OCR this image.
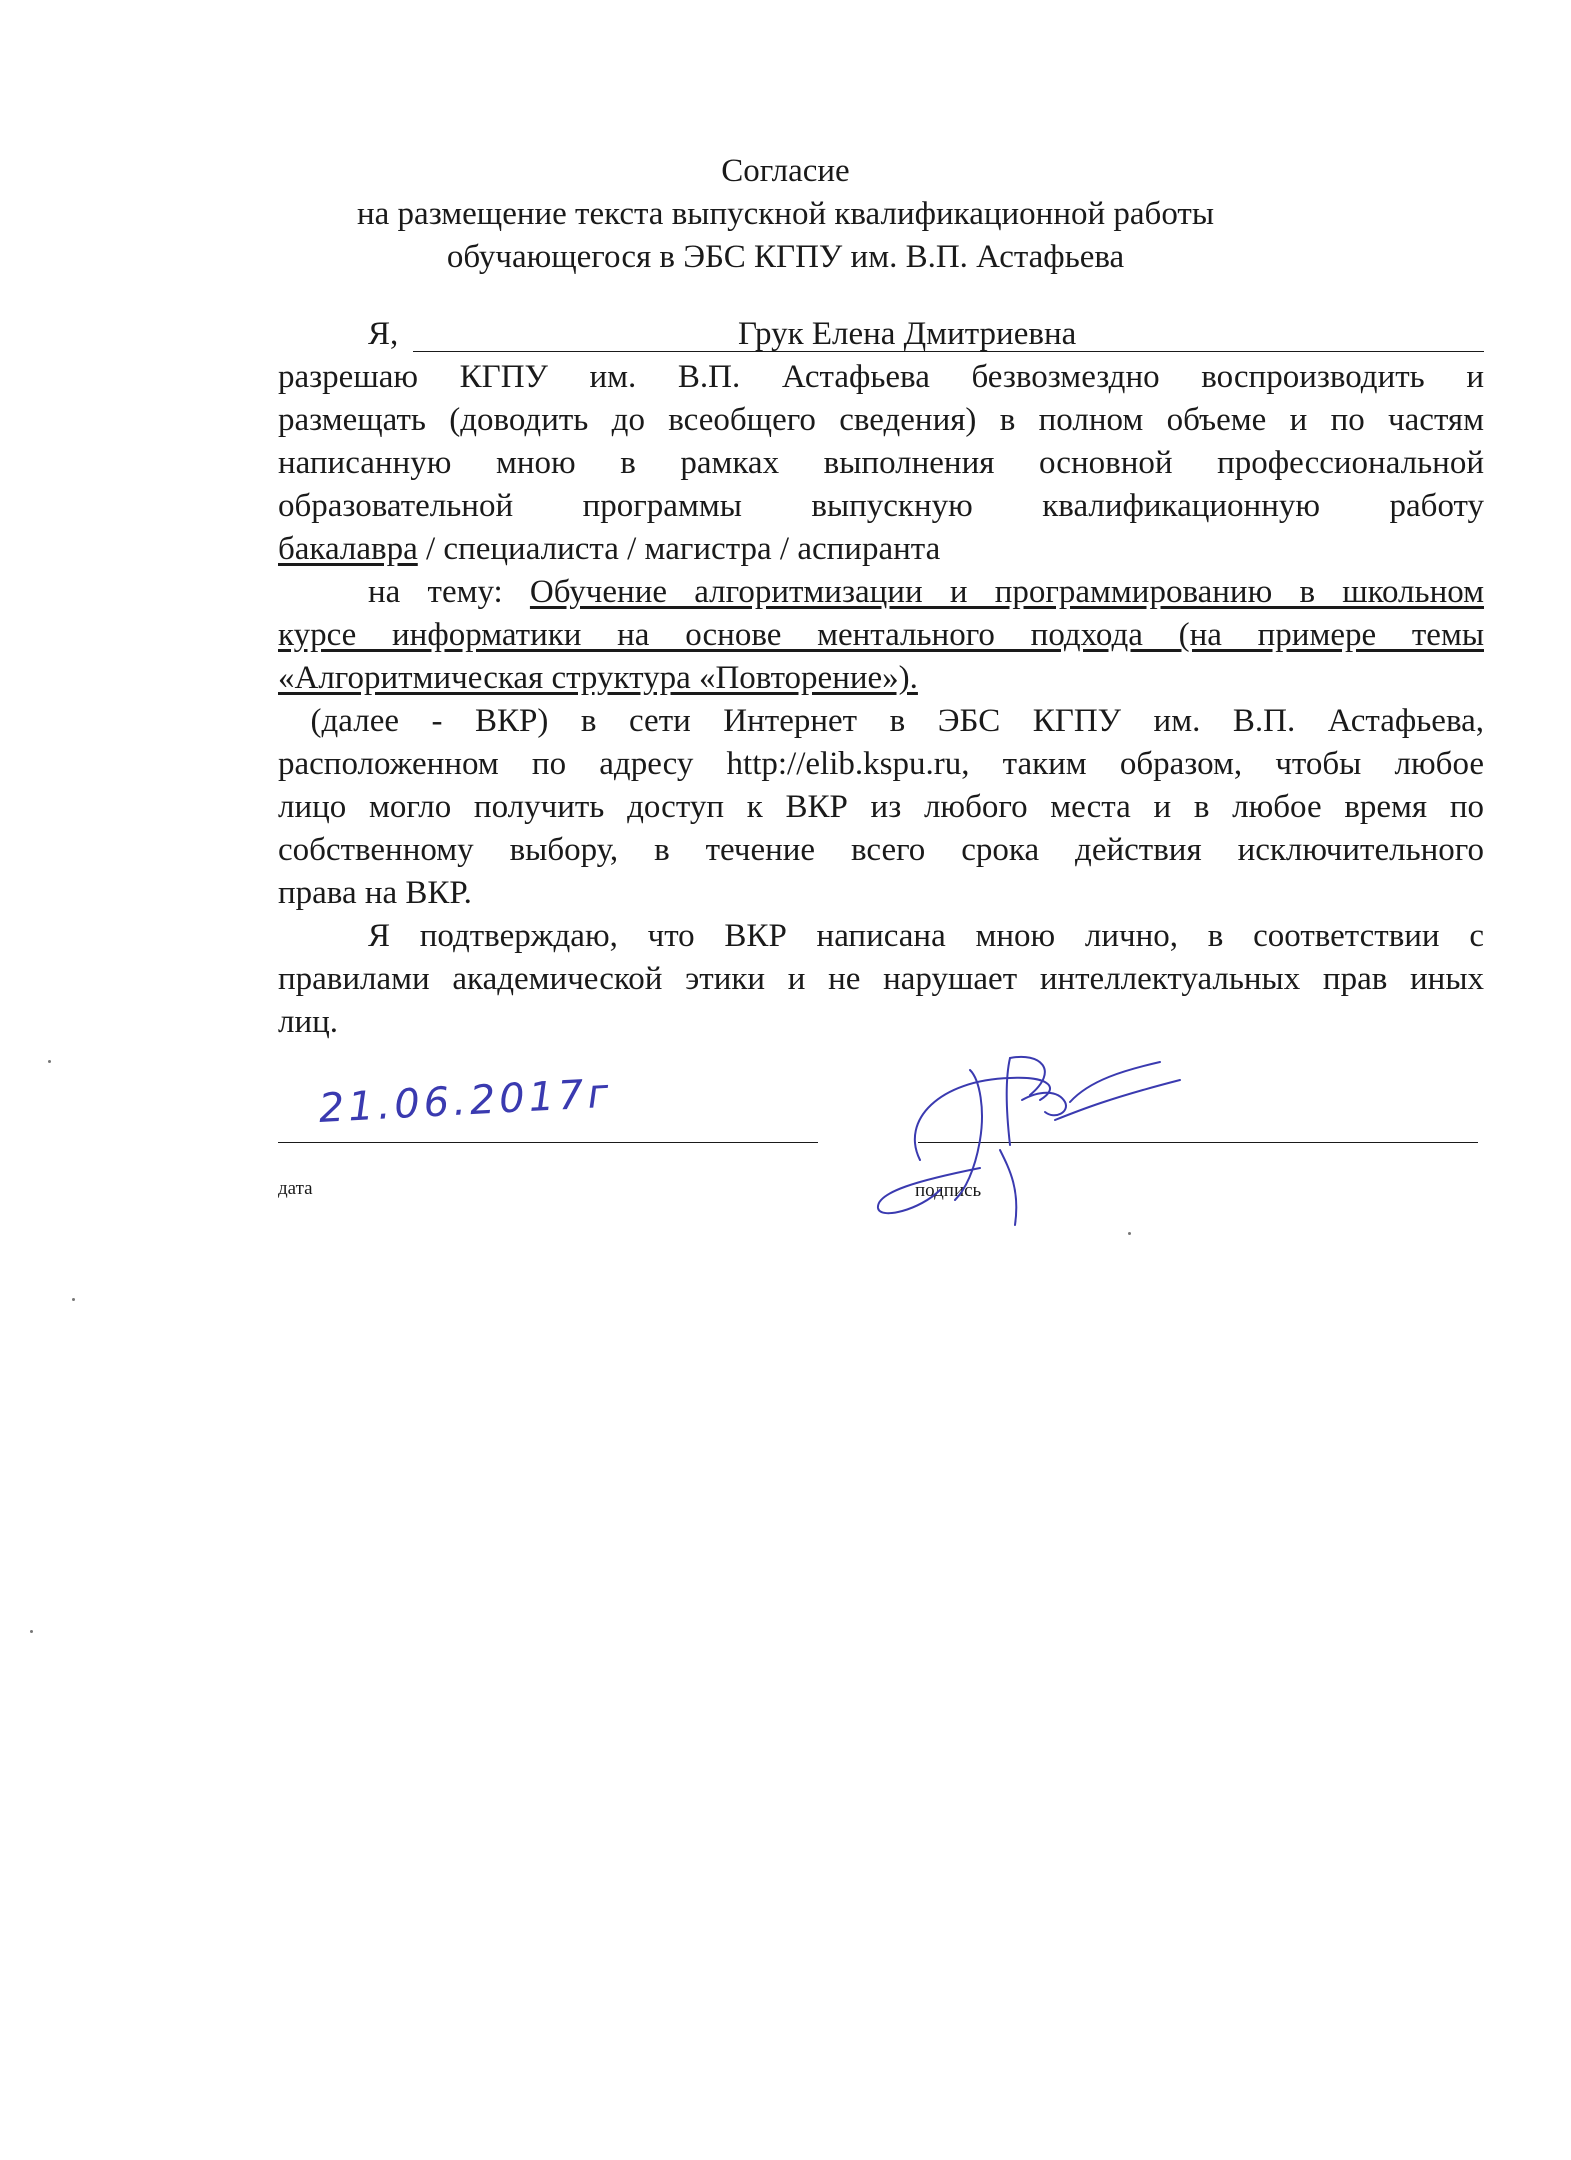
Согласие
на размещение текста выпускной квалификационной работы
обучающегося в ЭБС КГПУ им. В.П. Астафьева
Я,	Грук Елена Дмитриевна
разрешаю КГПУ им. В.П. Астафьева безвозмездно воспроизводить и
размещать (доводить до всеобщего сведения) в полном объеме и по частям
написанную мною в рамках выполнения основной профессиональной
образовательной программы выпускную квалификационную работу
бакалавра / специалиста / магистра / аспиранта
на тему: Обучение алгоритмизации и программированию в школьном
курсе информатики на основе ментального подхода (на примере темы
«Алгоритмическая структура «Повторение»).
(далее - ВКР) в сети Интернет в ЭБС КГПУ им. В.П. Астафьева,
расположенном по адресу http://elib.kspu.ru, таким образом, чтобы любое
лицо могло получить доступ к ВКР из любого места и в любое время по
собственному выбору, в течение всего срока действия исключительного
права на ВКР.
Я подтверждаю, что ВКР написана мною лично, в соответствии с
правилами академической этики и не нарушает интеллектуальных прав иных
лиц.
21.06.2017г
дата	подпись
